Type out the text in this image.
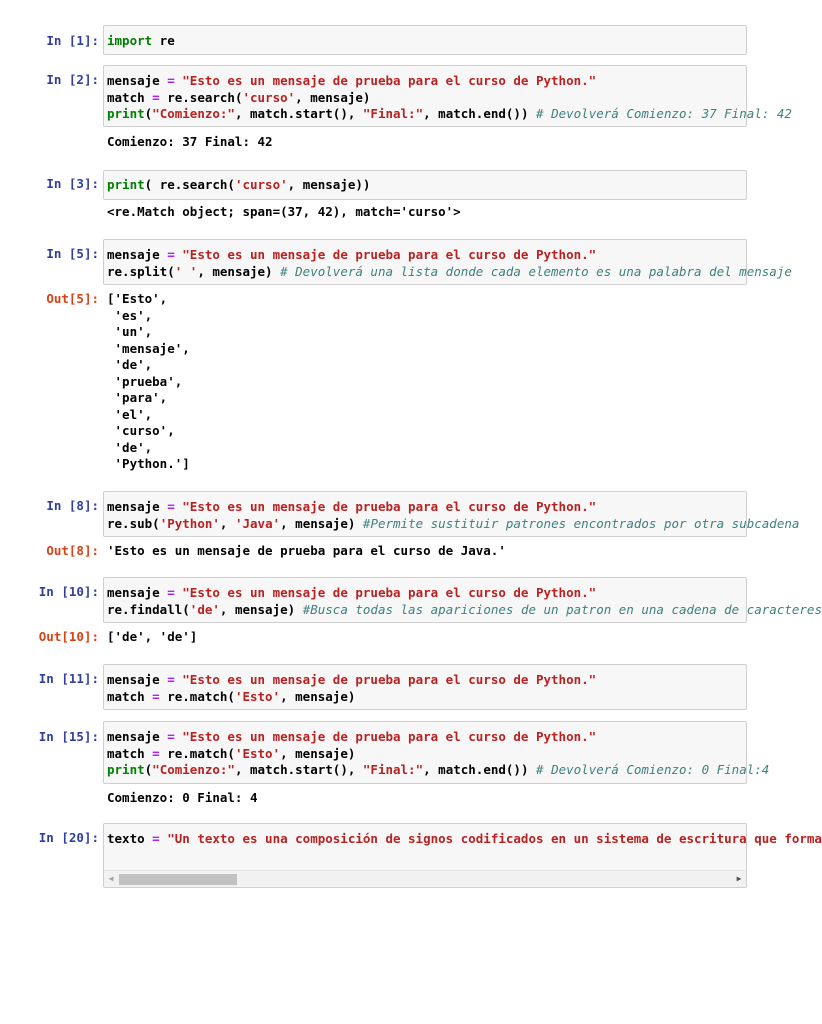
In [1]: import re
In [2]: mensaje = "Esto es un mensaje de prueba para el curso de Python."
match = re.search('curso', mensaje)
print("Comienzo:", match.start(), "Final:", match.end()) # Devolverá Comienzo: 37 Final: 42
Comienzo: 37 Final: 42
In [3]: print( re.search('curso', mensaje))
<re.Match object; span=(37, 42), match='curso'>
In [5]: mensaje = "Esto es un mensaje de prueba para el curso de Python."
re.split(' ', mensaje) # Devolverá una lista donde cada elemento es una palabra del mensaje
Out[5]: ['Esto',
'es',
'un',
'mensaje',
'de',
'prueba',
'para',
'el',
'curso',
'de',
'Python.']
In [8]: mensaje = "Esto es un mensaje de prueba para el curso de Python."
re.sub('Python', 'Java', mensaje) #Permite sustituir patrones encontrados por otra subcadena
Out[8]: 'Esto es un mensaje de prueba para el curso de Java.'
In [10]: mensaje = "Esto es un mensaje de prueba para el curso de Python."
re.findall('de', mensaje) #Busca todas las apariciones de un patron en una cadena de caracteres
Out[10]: ['de', 'de']
In [11]: mensaje = "Esto es un mensaje de prueba para el curso de Python."
match = re.match('Esto', mensaje)
In [15]: mensaje = "Esto es un mensaje de prueba para el curso de Python."
match = re.match('Esto', mensaje)
print("Comienzo:", match.start(), "Final:", match.end()) # Devolverá Comienzo: 0 Final:4
Comienzo: 0 Final: 4
In [20]: texto = "Un texto es una composición de signos codificados en un sistema de escritura que forma
◀	▶
